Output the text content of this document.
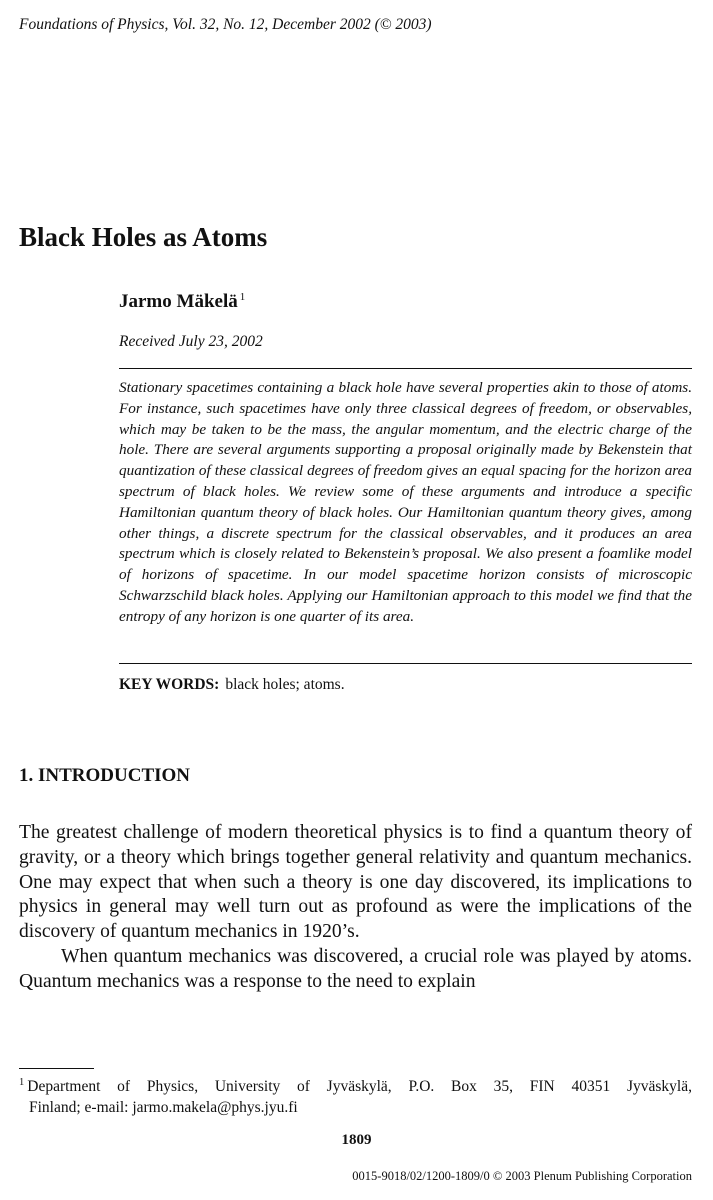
Foundations of Physics, Vol. 32, No. 12, December 2002 (© 2003)
Black Holes as Atoms
Jarmo Mäkelä $^1$
Received July 23, 2002

Stationary spacetimes containing a black hole have several properties akin to those of atoms. For instance, such spacetimes have only three classical degrees of freedom, or observables, which may be taken to be the mass, the angular momentum, and the electric charge of the hole. There are several arguments supporting a proposal originally made by Bekenstein that quantization of these classical degrees of freedom gives an equal spacing for the horizon area spectrum of black holes. We review some of these arguments and introduce a specific Hamiltonian quantum theory of black holes. Our Hamiltonian quantum theory gives, among other things, a discrete spectrum for the classical observables, and it produces an area spectrum which is closely related to Bekenstein’s proposal. We also present a foamlike model of horizons of spacetime. In our model spacetime horizon consists of microscopic Schwarzschild black holes. Applying our Hamiltonian approach to this model we find that the entropy of any horizon is one quarter of its area.

KEY WORDS: black holes; atoms.
1. INTRODUCTION

The greatest challenge of modern theoretical physics is to find a quantum theory of gravity, or a theory which brings together general relativity and quantum mechanics. One may expect that when such a theory is one day discovered, its implications to physics in general may well turn out as profound as were the implications of the discovery of quantum mechanics in 1920’s.

When quantum mechanics was discovered, a crucial role was played by atoms. Quantum mechanics was a response to the need to explain

$^1$ Department of Physics, University of Jyväskylä, P.O. Box 35, FIN 40351 Jyväskylä,
Finland; e-mail: jarmo.makela@phys.jyu.fi
1809
0015-9018/02/1200-1809/0 © 2003 Plenum Publishing Corporation
